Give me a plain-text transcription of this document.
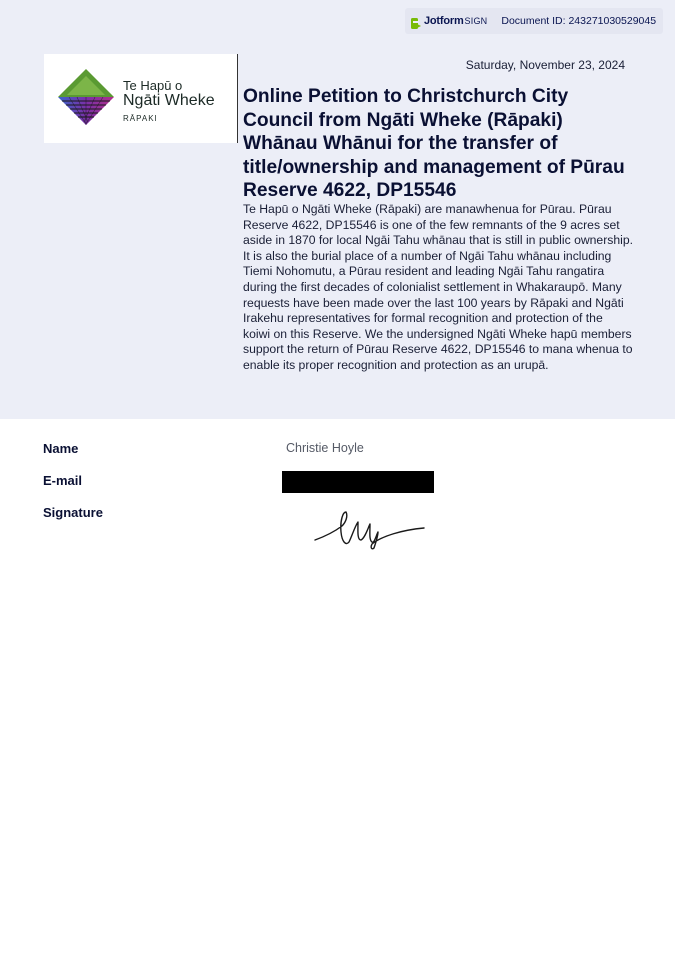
Jotform SIGN Document ID: 243271030529045
Te Hapū o
Ngāti Wheke
RĀPAKI
Saturday, November 23, 2024
Online Petition to Christchurch City Council from Ngāti Wheke (Rāpaki) Whānau Whānui for the transfer of title/ownership and management of Pūrau Reserve 4622, DP15546
Te Hapū o Ngāti Wheke (Rāpaki) are manawhenua for Pūrau. Pūrau Reserve 4622, DP15546 is one of the few remnants of the 9 acres set aside in 1870 for local Ngāi Tahu whānau that is still in public ownership. It is also the burial place of a number of Ngāi Tahu whānau including Tiemi Nohomutu, a Pūrau resident and leading Ngāi Tahu rangatira during the first decades of colonialist settlement in Whakaraupō. Many requests have been made over the last 100 years by Rāpaki and Ngāti Irakehu representatives for formal recognition and protection of the koiwi on this Reserve. We the undersigned Ngāti Wheke hapū members support the return of Pūrau Reserve 4622, DP15546 to mana whenua to enable its proper recognition and protection as an urupā.
Name	Christie Hoyle
E-mail
Signature
